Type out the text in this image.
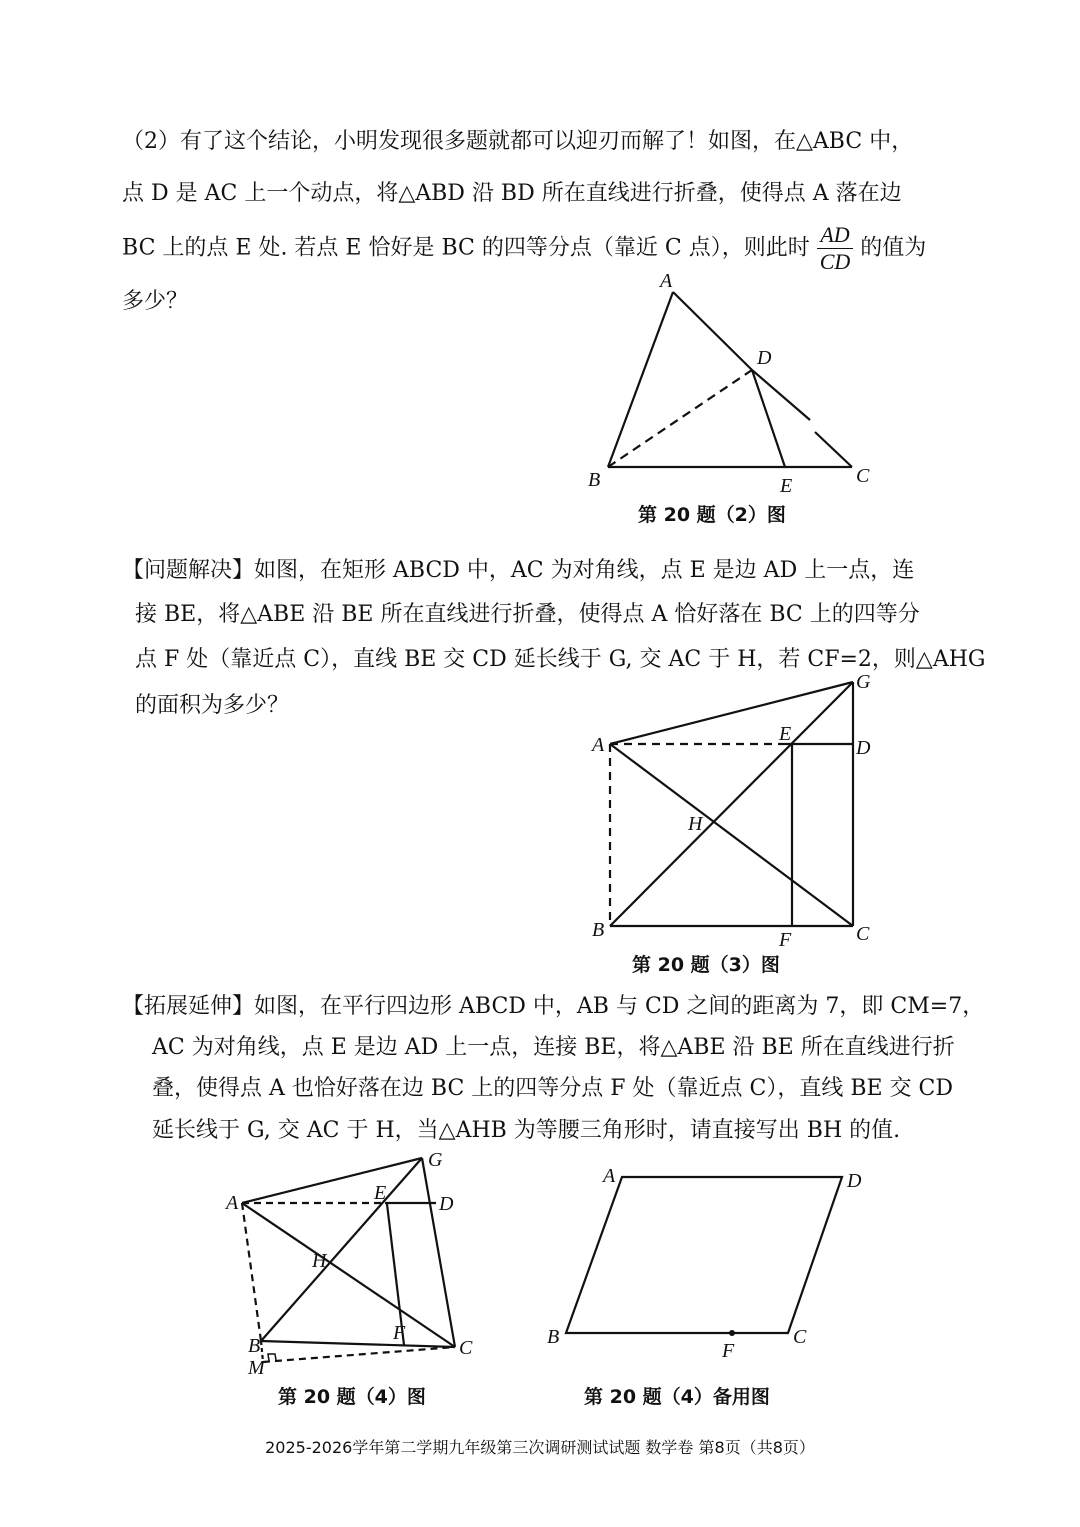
（2）有了这个结论，小明发现很多题就都可以迎刃而解了！如图，在△ABC 中，
点 D 是 AC 上一个动点，将△ABD 沿 BD 所在直线进行折叠，使得点 A 落在边
BC 上的点 E 处. 若点 E 恰好是 BC 的四等分点（靠近 C 点），则此时 $\frac{AD}{CD}$ 的值为
多少？
A
D
B	E	C
第 20 题（2）图
【问题解决】如图，在矩形 ABCD 中，AC 为对角线，点 E 是边 AD 上一点，连
接 BE，将△ABE 沿 BE 所在直线进行折叠，使得点 A 恰好落在 BC 上的四等分
点 F 处（靠近点 C），直线 BE 交 CD 延长线于 G, 交 AC 于 H，若 CF=2，则△AHG
的面积为多少？
G
A	E
D
H
B	F	C
第 20 题（3）图
【拓展延伸】如图，在平行四边形 ABCD 中，AB 与 CD 之间的距离为 7，即 CM=7，
AC 为对角线，点 E 是边 AD 上一点，连接 BE，将△ABE 沿 BE 所在直线进行折
叠，使得点 A 也恰好落在边 BC 上的四等分点 F 处（靠近点 C），直线 BE 交 CD
延长线于 G, 交 AC 于 H，当△AHB 为等腰三角形时，请直接写出 BH 的值.
G
A	E	D
H
F
B	C
M
第 20 题（4）图
A	D
B	C
F
第 20 题（4）备用图
2025-2026学年第二学期九年级第三次调研测试试题 数学卷 第8页（共8页）
